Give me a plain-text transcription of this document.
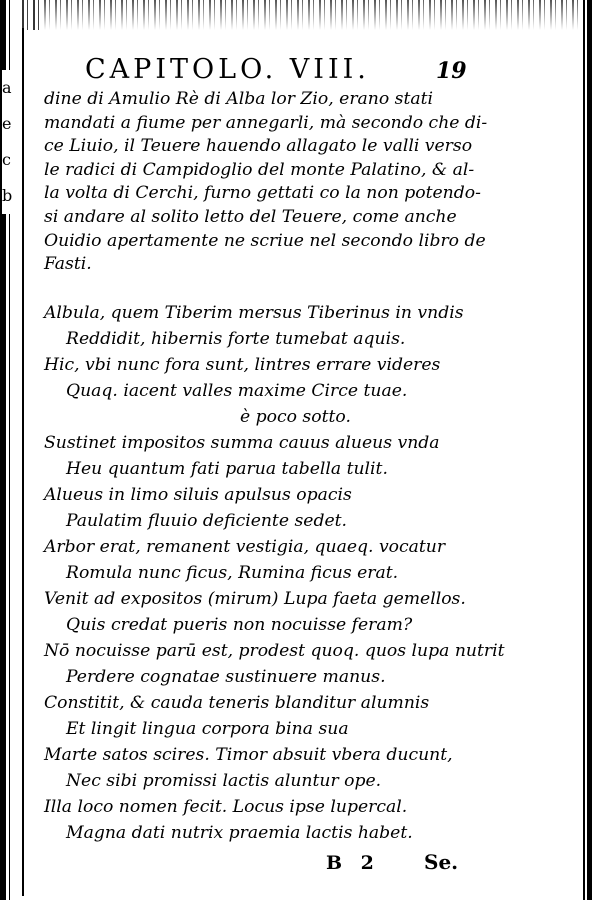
a
e
c
b
CAPITOLO. VIII.	19
dine di Amulio Rè di Alba lor Zio, erano stati
mandati a fiume per annegarli, mà secondo che di-
ce Liuio, il Teuere hauendo allagato le valli verso
le radici di Campidoglio del monte Palatino, & al-
la volta di Cerchi, furno gettati co la non potendo-
si andare al solito letto del Teuere, come anche
Ouidio apertamente ne scriue nel secondo libro de
Fasti.
Albula, quem Tiberim mersus Tiberinus in vndis
Reddidit, hibernis forte tumebat aquis.
Hic, vbi nunc fora sunt, lintres errare videres
Quaq. iacent valles maxime Circe tuae.
è poco sotto.
Sustinet impositos summa cauus alueus vnda
Heu quantum fati parua tabella tulit.
Alueus in limo siluis apulsus opacis
Paulatim fluuio deficiente sedet.
Arbor erat, remanent vestigia, quaeq. vocatur
Romula nunc ficus, Rumina ficus erat.
Venit ad expositos (mirum) Lupa faeta gemellos.
Quis credat pueris non nocuisse feram?
Nō nocuisse parū est, prodest quoq. quos lupa nutrit
Perdere cognatae sustinuere manus.
Constitit, & cauda teneris blanditur alumnis
Et lingit lingua corpora bina sua
Marte satos scires. Timor absuit vbera ducunt,
Nec sibi promissi lactis aluntur ope.
Illa loco nomen fecit. Locus ipse lupercal.
Magna dati nutrix praemia lactis habet.
B 2 Se.
